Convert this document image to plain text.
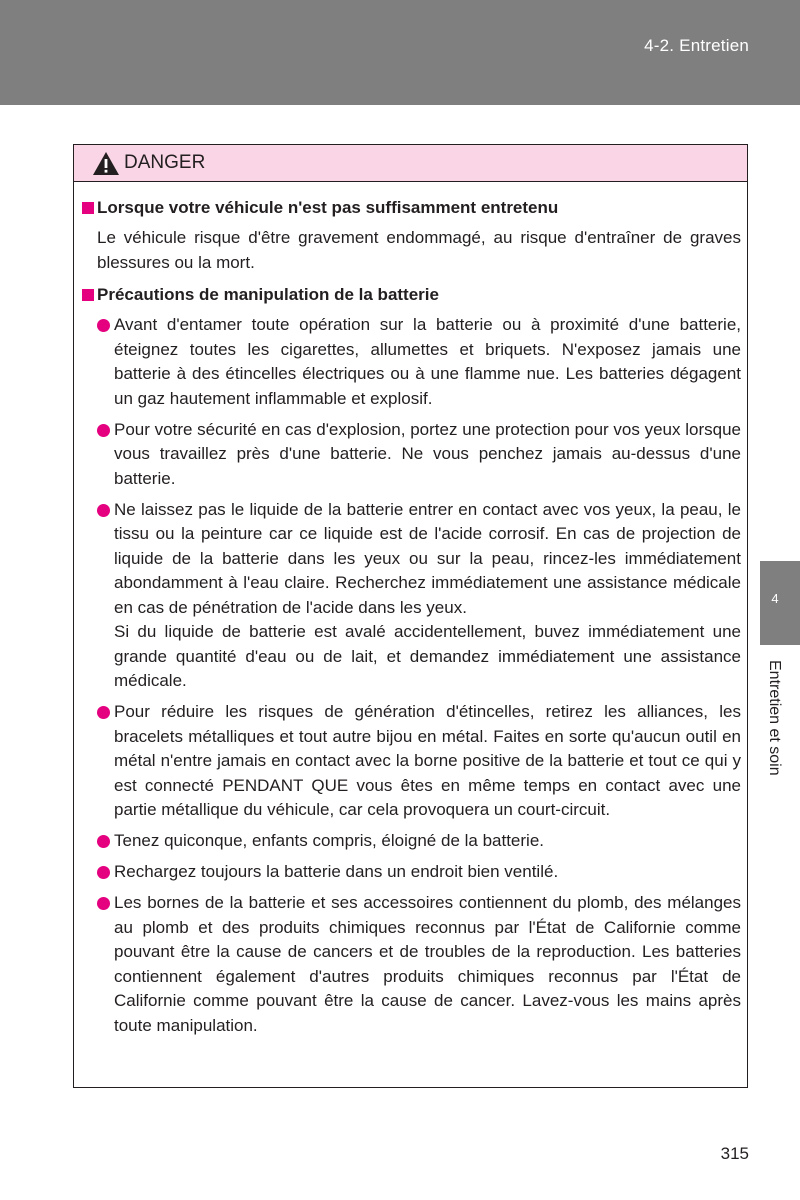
4-2. Entretien
4
Entretien et soin
DANGER
Lorsque votre véhicule n'est pas suffisamment entretenu
Le véhicule risque d'être gravement endommagé, au risque d'entraîner de graves blessures ou la mort.
Précautions de manipulation de la batterie
Avant d'entamer toute opération sur la batterie ou à proximité d'une batterie, éteignez toutes les cigarettes, allumettes et briquets. N'exposez jamais une batterie à des étincelles électriques ou à une flamme nue. Les batteries dégagent un gaz hautement inflammable et explosif.
Pour votre sécurité en cas d'explosion, portez une protection pour vos yeux lorsque vous travaillez près d'une batterie. Ne vous penchez jamais au-dessus d'une batterie.
Ne laissez pas le liquide de la batterie entrer en contact avec vos yeux, la peau, le tissu ou la peinture car ce liquide est de l'acide corrosif. En cas de projection de liquide de la batterie dans les yeux ou sur la peau, rincez-les immédiatement abondamment à l'eau claire. Recherchez immédiatement une assistance médicale en cas de pénétration de l'acide dans les yeux.
Si du liquide de batterie est avalé accidentellement, buvez immédiatement une grande quantité d'eau ou de lait, et demandez immédiatement une assistance médicale.
Pour réduire les risques de génération d'étincelles, retirez les alliances, les bracelets métalliques et tout autre bijou en métal. Faites en sorte qu'aucun outil en métal n'entre jamais en contact avec la borne positive de la batterie et tout ce qui y est connecté PENDANT QUE vous êtes en même temps en contact avec une partie métallique du véhicule, car cela provoquera un court-circuit.
Tenez quiconque, enfants compris, éloigné de la batterie.
Rechargez toujours la batterie dans un endroit bien ventilé.
Les bornes de la batterie et ses accessoires contiennent du plomb, des mélanges au plomb et des produits chimiques reconnus par l'État de Californie comme pouvant être la cause de cancers et de troubles de la reproduction. Les batteries contiennent également d'autres produits chimiques reconnus par l'État de Californie comme pouvant être la cause de cancer. Lavez-vous les mains après toute manipulation.
315
